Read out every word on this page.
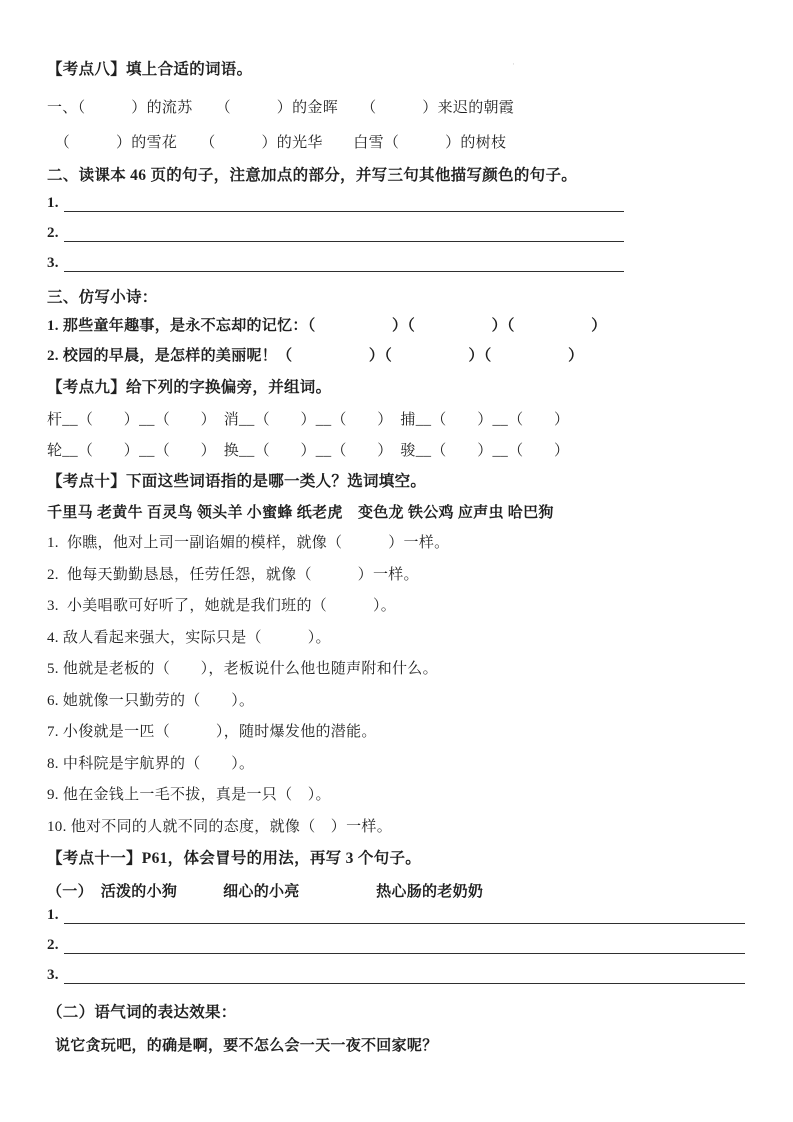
·
【考点八】填上合适的词语。
一、（　　　）的流苏　　（　　　）的金晖　　（　　　）来迟的朝霞
　（　　　）的雪花　　（　　　）的光华　　白雪（　　　）的树枝
二、读课本 46 页的句子，注意加点的部分，并写三句其他描写颜色的句子。
1.
2.
3.
三、仿写小诗：
1. 那些童年趣事，是永不忘却的记忆：（　　　　　）（　　　　　）（　　　　　）
2. 校园的早晨，是怎样的美丽呢！（　　　　　）（　　　　　）（　　　　　）
【考点九】给下列的字换偏旁，并组词。
杆__（　　）__（　　）　消__（　　）__（　　）　捕__（　　）__（　　）
轮__（　　）__（　　）　换__（　　）__（　　）　骏__（　　）__（　　）
【考点十】下面这些词语指的是哪一类人？选词填空。
千里马 老黄牛 百灵鸟 领头羊 小蜜蜂 纸老虎　变色龙 铁公鸡 应声虫 哈巴狗
1.  你瞧，他对上司一副谄媚的模样，就像（　　　）一样。
2.  他每天勤勤恳恳，任劳任怨，就像（　　　）一样。
3.  小美唱歌可好听了，她就是我们班的（　　　）。
4. 敌人看起来强大，实际只是（　　　）。
5. 他就是老板的（　　），老板说什么他也随声附和什么。
6. 她就像一只勤劳的（　　）。
7. 小俊就是一匹（　　　），随时爆发他的潜能。
8. 中科院是宇航界的（　　）。
9. 他在金钱上一毛不拔，真是一只（　）。
10. 他对不同的人就不同的态度，就像（　）一样。
【考点十一】P61，体会冒号的用法，再写 3 个句子。
（一）　活泼的小狗　　　细心的小亮　　　　　热心肠的老奶奶
1.
2.
3.
（二）语气词的表达效果：
说它贪玩吧，的确是啊，要不怎么会一天一夜不回家呢？
